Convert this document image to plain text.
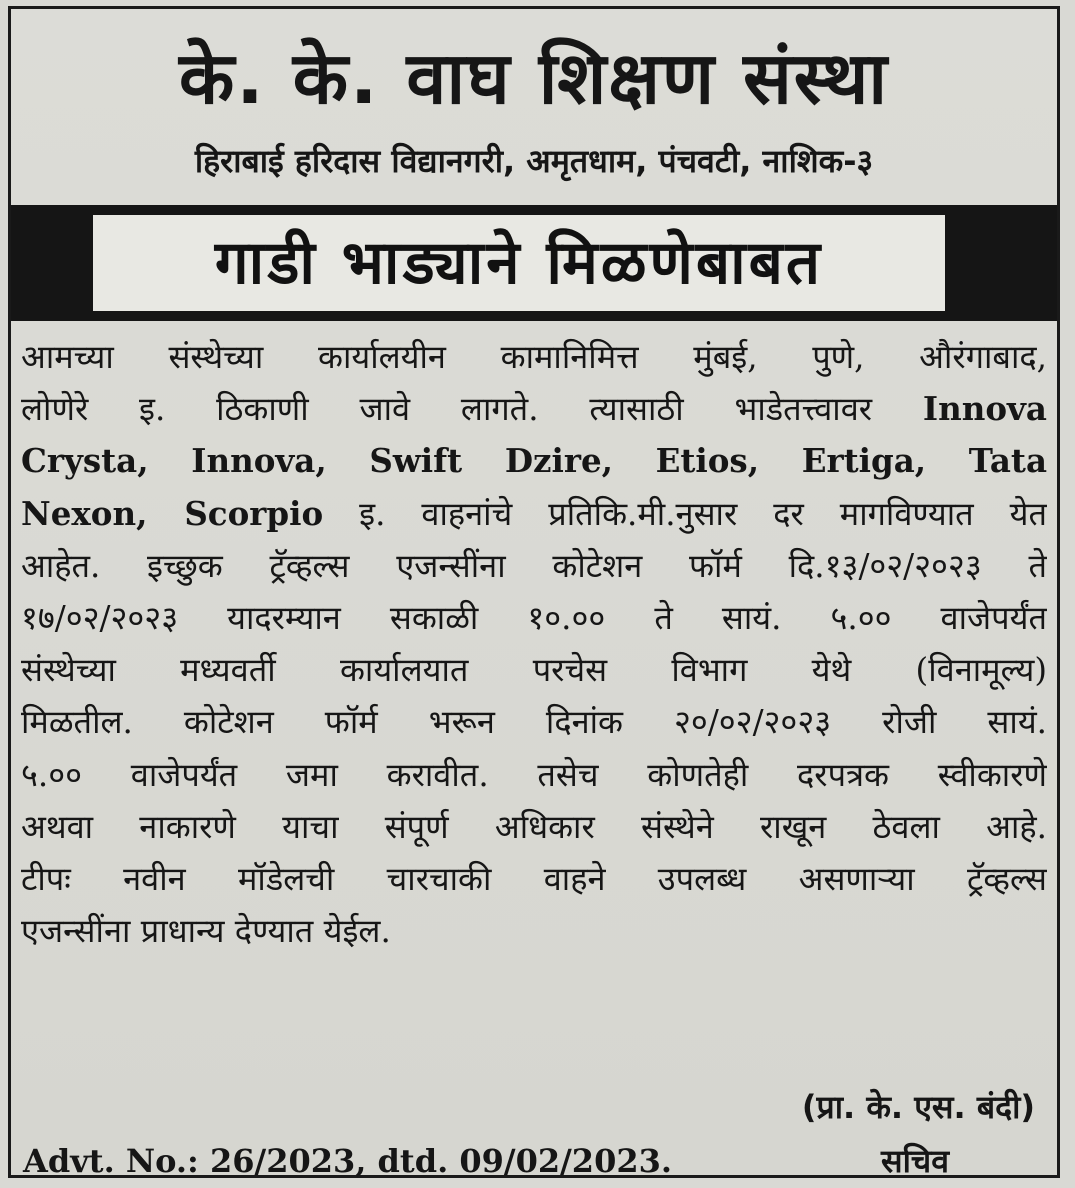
के. के. वाघ शिक्षण संस्था
हिराबाई हरिदास विद्यानगरी, अमृतधाम, पंचवटी, नाशिक-३
गाडी भाड्याने मिळणेबाबत
आमच्या संस्थेच्या कार्यालयीन कामानिमित्त मुंबई, पुणे, औरंगाबाद,
लोणेरे इ. ठिकाणी जावे लागते. त्यासाठी भाडेतत्त्वावर Innova
Crysta, Innova, Swift Dzire, Etios, Ertiga, Tata
Nexon, Scorpio इ. वाहनांचे प्रतिकि.मी.नुसार दर मागविण्यात येत
आहेत. इच्छुक ट्रॅव्हल्स एजन्सींना कोटेशन फॉर्म दि.१३/०२/२०२३ ते
१७/०२/२०२३ यादरम्यान सकाळी १०.०० ते सायं. ५.०० वाजेपर्यंत
संस्थेच्या मध्यवर्ती कार्यालयात परचेस विभाग येथे (विनामूल्य)
मिळतील. कोटेशन फॉर्म भरून दिनांक २०/०२/२०२३ रोजी सायं.
५.०० वाजेपर्यंत जमा करावीत. तसेच कोणतेही दरपत्रक स्वीकारणे
अथवा नाकारणे याचा संपूर्ण अधिकार संस्थेने राखून ठेवला आहे.
टीपः नवीन मॉडेलची चारचाकी वाहने उपलब्ध असणाऱ्या ट्रॅव्हल्स
एजन्सींना प्राधान्य देण्यात येईल.
(प्रा. के. एस. बंदी)
Advt. No.: 26/2023, dtd. 09/02/2023.	सचिव
